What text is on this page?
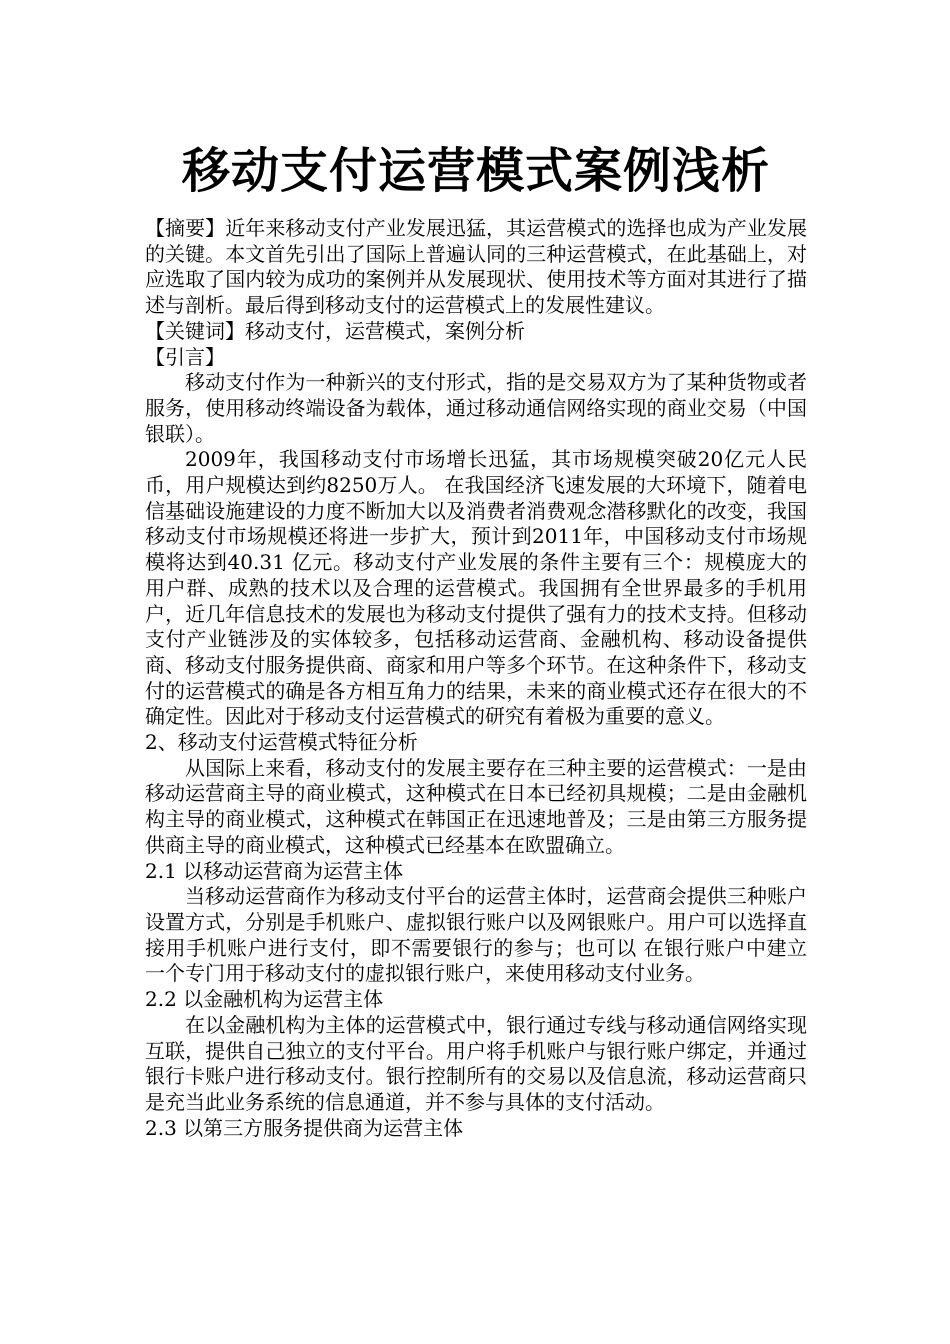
移动支付运营模式案例浅析

【摘要】近年来移动支付产业发展迅猛，其运营模式的选择也成为产业发展的关键。本文首先引出了国际上普遍认同的三种运营模式，在此基础上，对应选取了国内较为成功的案例并从发展现状、使用技术等方面对其进行了描述与剖析。最后得到移动支付的运营模式上的发展性建议。

【关键词】移动支付，运营模式，案例分析

【引言】

移动支付作为一种新兴的支付形式，指的是交易双方为了某种货物或者服务，使用移动终端设备为载体，通过移动通信网络实现的商业交易（中国银联）。

2009年，我国移动支付市场增长迅猛，其市场规模突破20亿元人民币，用户规模达到约8250万人。 在我国经济飞速发展的大环境下，随着电信基础设施建设的力度不断加大以及消费者消费观念潜移默化的改变，我国移动支付市场规模还将进一步扩大，预计到2011年，中国移动支付市场规模将达到40.31 亿元。移动支付产业发展的条件主要有三个：规模庞大的用户群、成熟的技术以及合理的运营模式。我国拥有全世界最多的手机用户，近几年信息技术的发展也为移动支付提供了强有力的技术支持。但移动支付产业链涉及的实体较多，包括移动运营商、金融机构、移动设备提供商、移动支付服务提供商、商家和用户等多个环节。在这种条件下，移动支付的运营模式的确是各方相互角力的结果，未来的商业模式还存在很大的不确定性。因此对于移动支付运营模式的研究有着极为重要的意义。

2、移动支付运营模式特征分析

从国际上来看，移动支付的发展主要存在三种主要的运营模式：一是由移动运营商主导的商业模式，这种模式在日本已经初具规模；二是由金融机构主导的商业模式，这种模式在韩国正在迅速地普及；三是由第三方服务提供商主导的商业模式，这种模式已经基本在欧盟确立。

2.1 以移动运营商为运营主体

当移动运营商作为移动支付平台的运营主体时，运营商会提供三种账户设置方式，分别是手机账户、虚拟银行账户以及网银账户。用户可以选择直接用手机账户进行支付，即不需要银行的参与；也可以 在银行账户中建立一个专门用于移动支付的虚拟银行账户，来使用移动支付业务。

2.2 以金融机构为运营主体

在以金融机构为主体的运营模式中，银行通过专线与移动通信网络实现互联，提供自己独立的支付平台。用户将手机账户与银行账户绑定，并通过银行卡账户进行移动支付。银行控制所有的交易以及信息流，移动运营商只是充当此业务系统的信息通道，并不参与具体的支付活动。

2.3 以第三方服务提供商为运营主体
